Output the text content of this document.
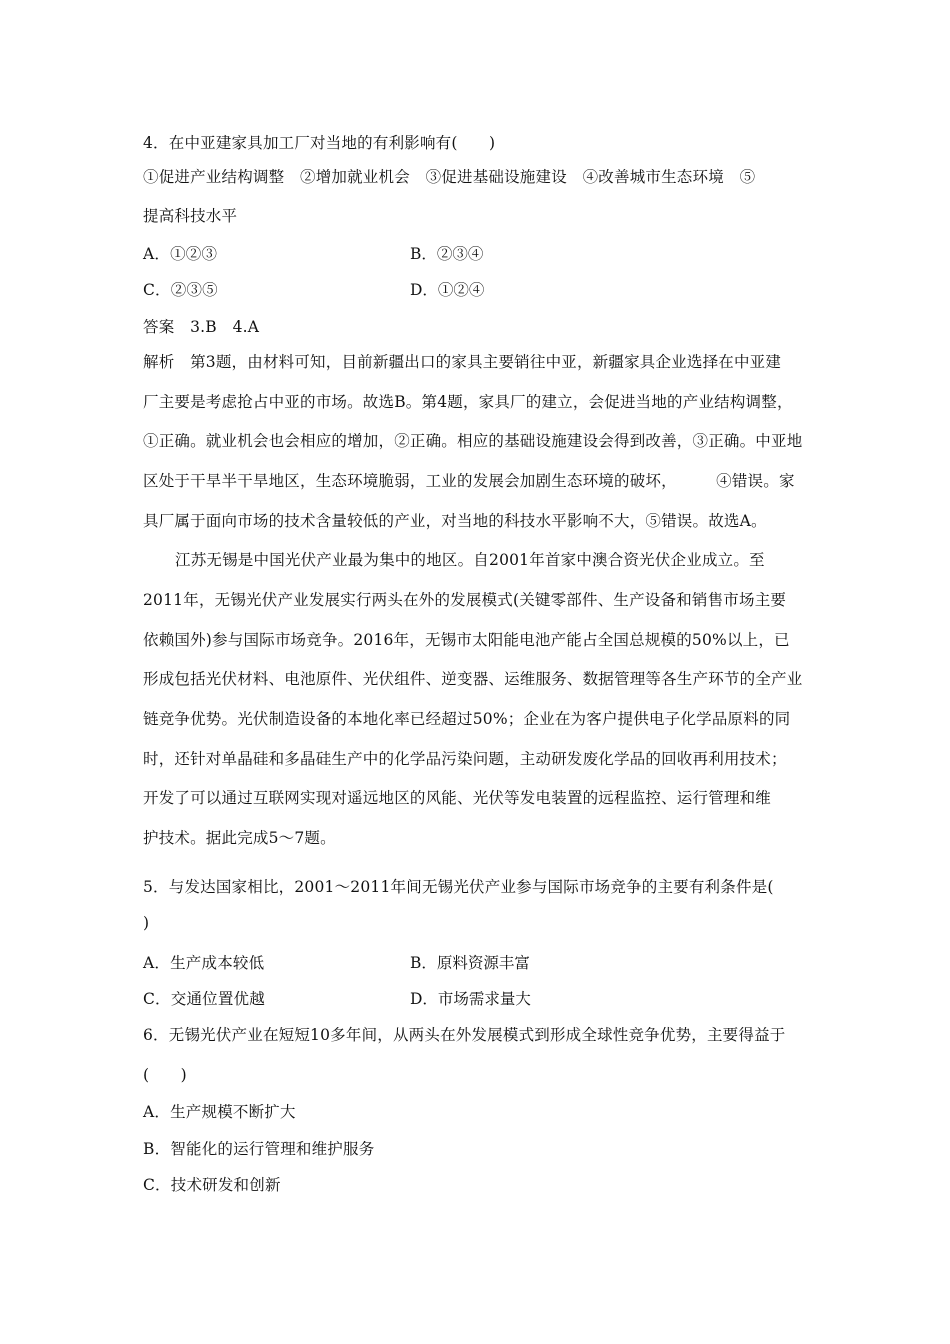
4．在中亚建家具加工厂对当地的有利影响有(　　)
①促进产业结构调整　②增加就业机会　③促进基础设施建设　④改善城市生态环境　⑤
提高科技水平
A．①②③	B．②③④
C．②③⑤	D．①②④
答案　3.B　4.A
解析　第3题，由材料可知，目前新疆出口的家具主要销往中亚，新疆家具企业选择在中亚建
厂主要是考虑抢占中亚的市场。故选B。第4题，家具厂的建立，会促进当地的产业结构调整，
①正确。就业机会也会相应的增加，②正确。相应的基础设施建设会得到改善，③正确。中亚地
区处于干旱半干旱地区，生态环境脆弱，工业的发展会加剧生态环境的破坏，　　　④错误。家
具厂属于面向市场的技术含量较低的产业，对当地的科技水平影响不大，⑤错误。故选A。
江苏无锡是中国光伏产业最为集中的地区。自2001年首家中澳合资光伏企业成立。至
2011年，无锡光伏产业发展实行两头在外的发展模式(关键零部件、生产设备和销售市场主要
依赖国外)参与国际市场竞争。2016年，无锡市太阳能电池产能占全国总规模的50%以上，已
形成包括光伏材料、电池原件、光伏组件、逆变器、运维服务、数据管理等各生产环节的全产业
链竞争优势。光伏制造设备的本地化率已经超过50%；企业在为客户提供电子化学品原料的同
时，还针对单晶硅和多晶硅生产中的化学品污染问题，主动研发废化学品的回收再利用技术；
开发了可以通过互联网实现对遥远地区的风能、光伏等发电装置的远程监控、运行管理和维
护技术。据此完成5～7题。
5．与发达国家相比，2001～2011年间无锡光伏产业参与国际市场竞争的主要有利条件是(
)
A．生产成本较低	B．原料资源丰富
C．交通位置优越	D．市场需求量大
6．无锡光伏产业在短短10多年间，从两头在外发展模式到形成全球性竞争优势，主要得益于
(　　)
A．生产规模不断扩大
B．智能化的运行管理和维护服务
C．技术研发和创新
